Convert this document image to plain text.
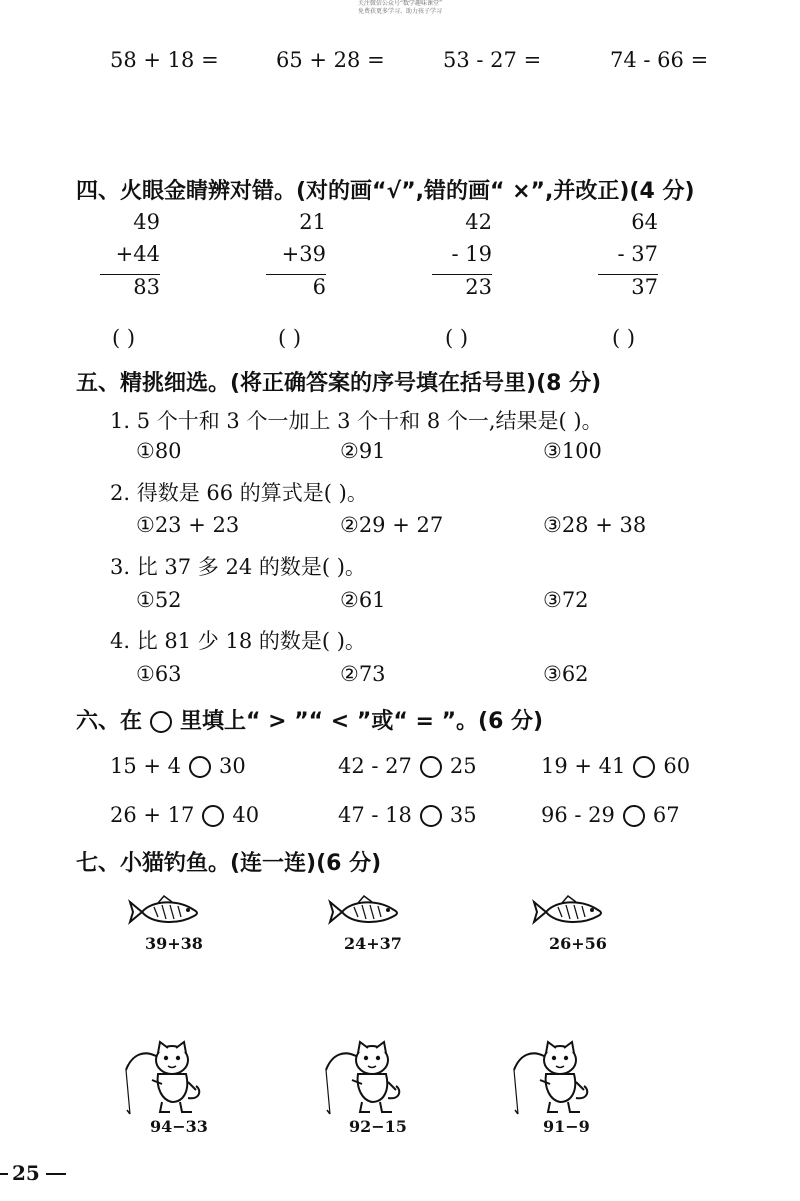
关注微信公众号“数学趣味课堂”
免费获更多学习、助力孩子学习
58 + 18 =	65 + 28 =	53 - 27 =	74 - 66 =
四、火眼金睛辨对错。(对的画“√”,错的画“ ×”,并改正)(4 分)
49
+44
83
21
+39
6
42
- 19
23
64
- 37
37
( )	( )	( )	( )
五、精挑细选。(将正确答案的序号填在括号里)(8 分)
1. 5 个十和 3 个一加上 3 个十和 8 个一,结果是( )。
①80	②91	③100
2. 得数是 66 的算式是( )。
①23 + 23	②29 + 27	③28 + 38
3. 比 37 多 24 的数是( )。
①52	②61	③72
4. 比 81 少 18 的数是( )。
①63	②73	③62
六、在 里填上“ > ”“ < ”或“ = ”。(6 分)
15 + 4 30	42 - 27 25	19 + 41 60
26 + 17 40	47 - 18 35	96 - 29 67
七、小猫钓鱼。(连一连)(6 分)
39+38	24+37	26+56
94−33	92−15	91−9
25
